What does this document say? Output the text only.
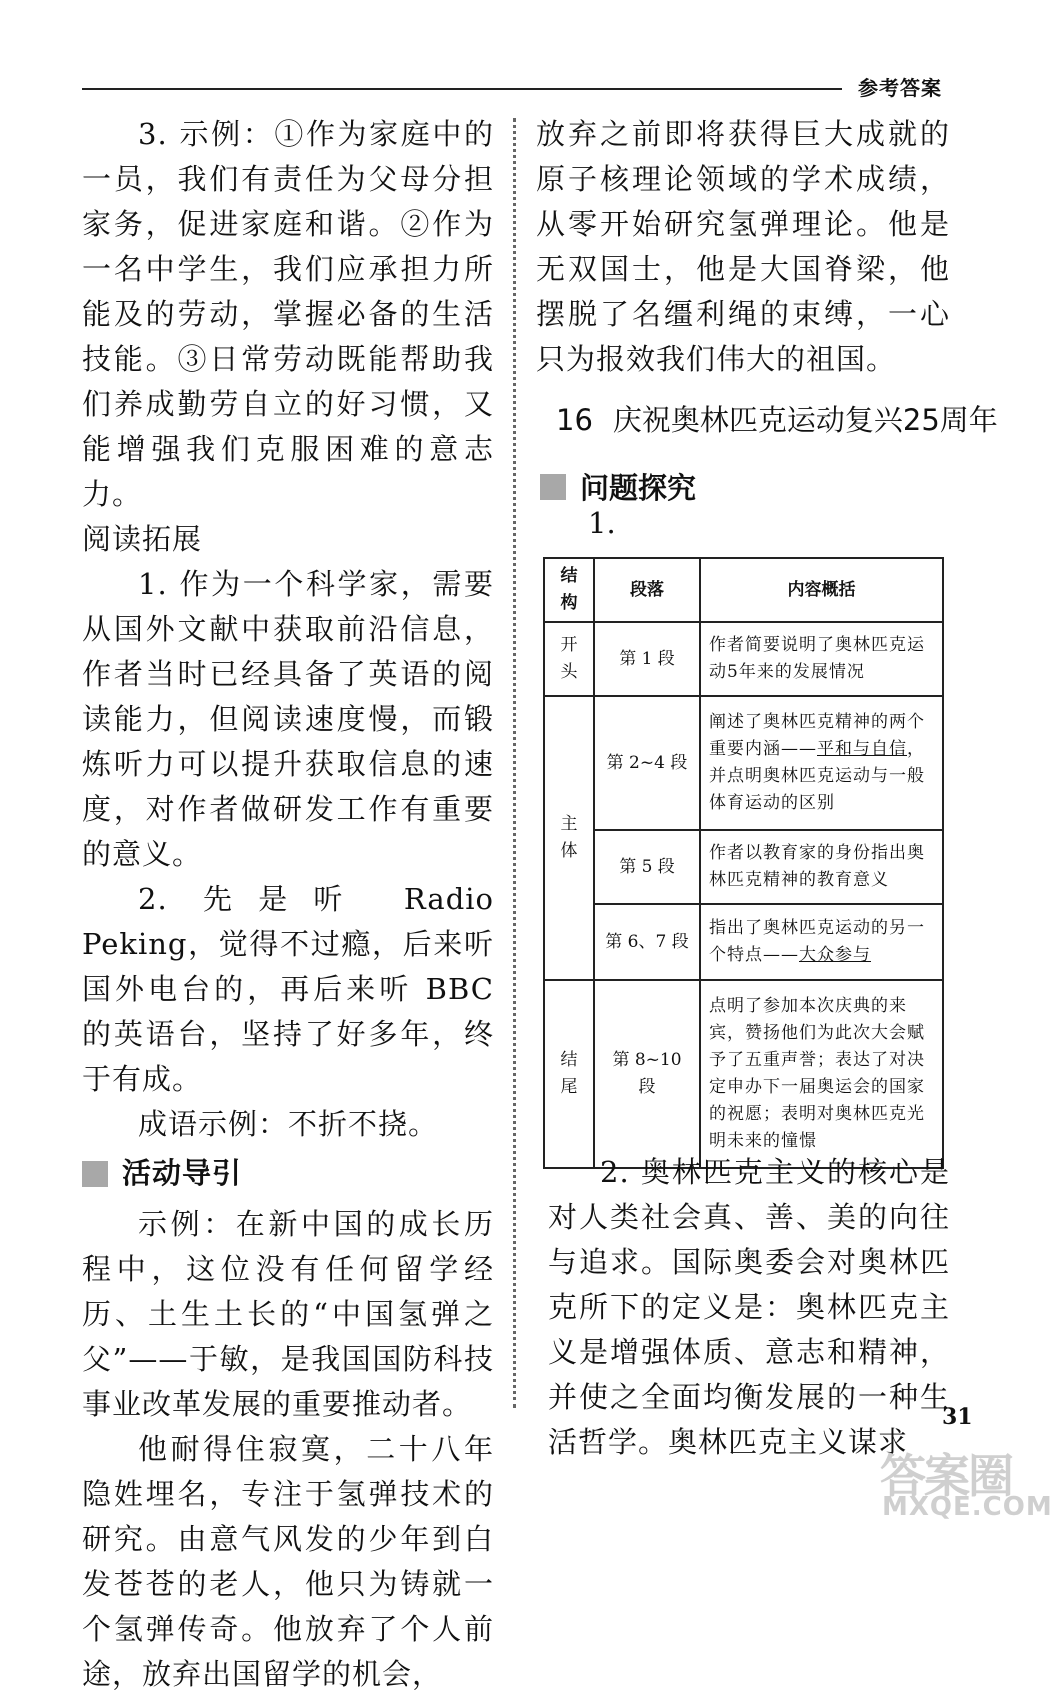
参考答案

3. 示例：①作为家庭中的一员，我们有责任为父母分担家务，促进家庭和谐。②作为一名中学生，我们应承担力所能及的劳动，掌握必备的生活技能。③日常劳动既能帮助我们养成勤劳自立的好习惯，又能增强我们克服困难的意志力。

阅读拓展

1. 作为一个科学家，需要从国外文献中获取前沿信息，作者当时已经具备了英语的阅读能力，但阅读速度慢，而锻炼听力可以提升获取信息的速度，对作者做研发工作有重要的意义。

2. 先是听 Radio Peking，觉得不过瘾，后来听国外电台的，再后来听 BBC 的英语台，坚持了好多年，终于有成。

成语示例：不折不挠。

活动导引

示例：在新中国的成长历程中，这位没有任何留学经历、土生土长的“中国氢弹之父”——于敏，是我国国防科技事业改革发展的重要推动者。

他耐得住寂寞，二十八年隐姓埋名，专注于氢弹技术的研究。由意气风发的少年到白发苍苍的老人，他只为铸就一个氢弹传奇。他放弃了个人前途，放弃出国留学的机会，

放弃之前即将获得巨大成就的原子核理论领域的学术成绩，从零开始研究氢弹理论。他是无双国士，他是大国脊梁，他摆脱了名缰利绳的束缚，一心只为报效我们伟大的祖国。

16 庆祝奥林匹克运动复兴25周年
问题探究
1.
结构	段落	内容概括
开头	第 1 段	作者简要说明了奥林匹克运动5年来的发展情况
主体	第 2~4 段	阐述了奥林匹克精神的两个重要内涵——平和与自信，并点明奥林匹克运动与一般体育运动的区别
	第 5 段	作者以教育家的身份指出奥林匹克精神的教育意义
	第 6、7 段	指出了奥林匹克运动的另一个特点——大众参与
结尾	第 8~10 段	点明了参加本次庆典的来宾，赞扬他们为此次大会赋予了五重声誉；表达了对决定申办下一届奥运会的国家的祝愿；表明对奥林匹克光明未来的憧憬

2. 奥林匹克主义的核心是对人类社会真、善、美的向往与追求。国际奥委会对奥林匹克所下的定义是：奥林匹克主义是增强体质、意志和精神，并使之全面均衡发展的一种生活哲学。奥林匹克主义谋求

31
答案圈
MXQE.COM
